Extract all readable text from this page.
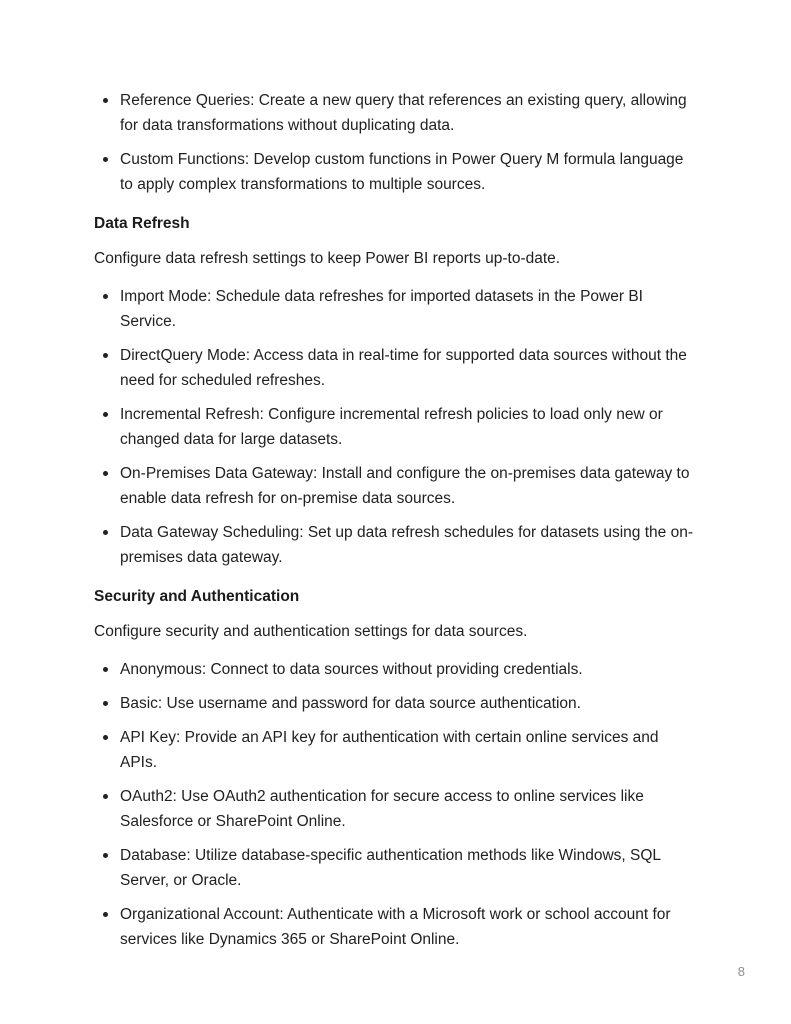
Reference Queries: Create a new query that references an existing query, allowing for data transformations without duplicating data.
Custom Functions: Develop custom functions in Power Query M formula language to apply complex transformations to multiple sources.
Data Refresh

Configure data refresh settings to keep Power BI reports up-to-date.

Import Mode: Schedule data refreshes for imported datasets in the Power BI Service.
DirectQuery Mode: Access data in real-time for supported data sources without the need for scheduled refreshes.
Incremental Refresh: Configure incremental refresh policies to load only new or changed data for large datasets.
On-Premises Data Gateway: Install and configure the on-premises data gateway to enable data refresh for on-premise data sources.
Data Gateway Scheduling: Set up data refresh schedules for datasets using the on-premises data gateway.
Security and Authentication

Configure security and authentication settings for data sources.

Anonymous: Connect to data sources without providing credentials.
Basic: Use username and password for data source authentication.
API Key: Provide an API key for authentication with certain online services and APIs.
OAuth2: Use OAuth2 authentication for secure access to online services like Salesforce or SharePoint Online.
Database: Utilize database-specific authentication methods like Windows, SQL Server, or Oracle.
Organizational Account: Authenticate with a Microsoft work or school account for services like Dynamics 365 or SharePoint Online.
8
